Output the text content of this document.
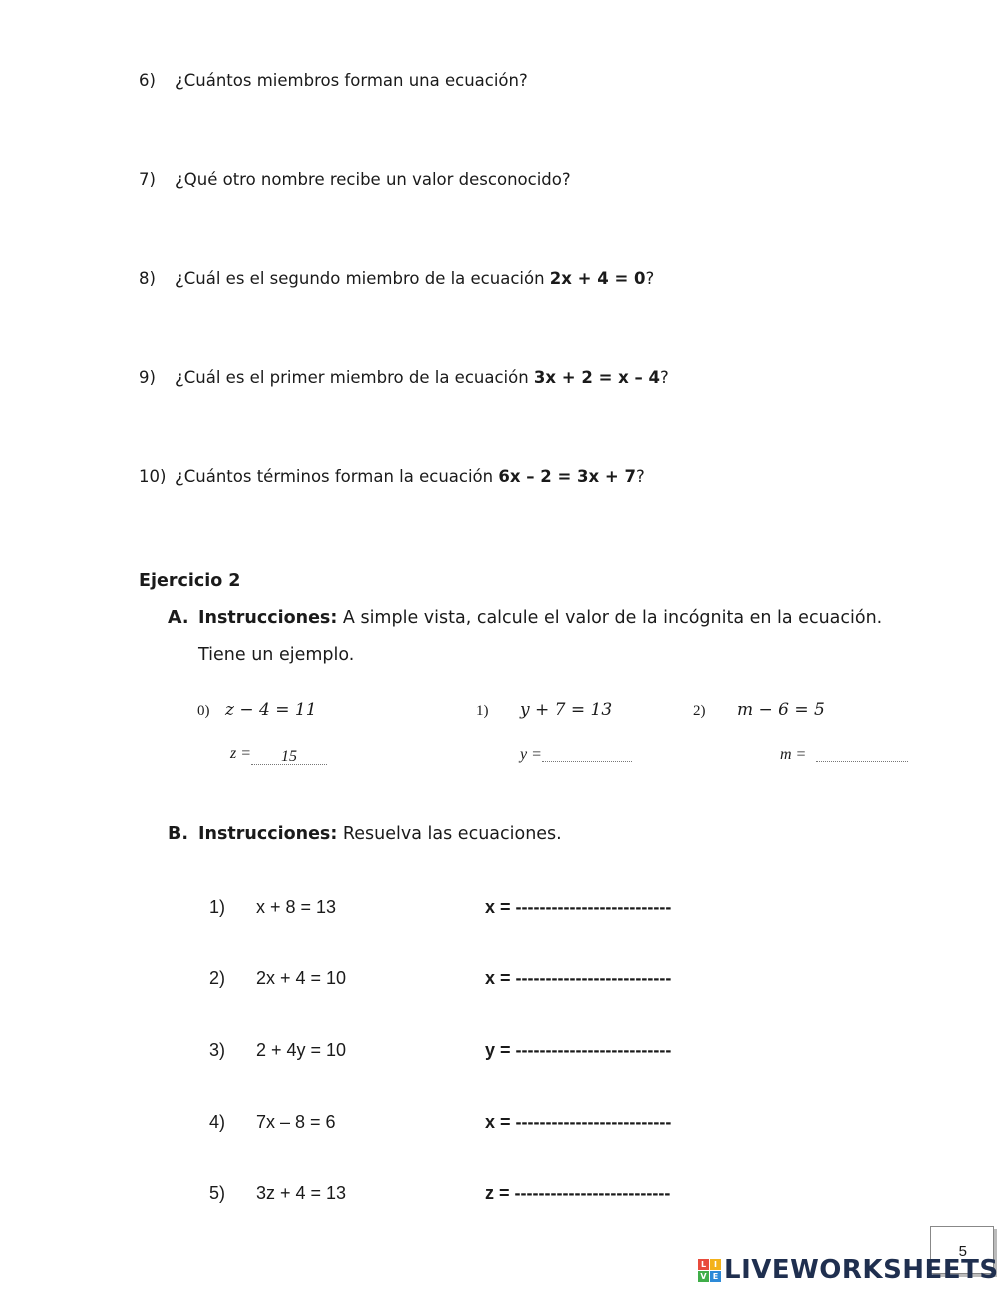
6) ¿Cuántos miembros forman una ecuación?
7) ¿Qué otro nombre recibe un valor desconocido?
8) ¿Cuál es el segundo miembro de la ecuación 2x + 4 = 0?
9) ¿Cuál es el primer miembro de la ecuación 3x + 2 = x – 4?
10) ¿Cuántos términos forman la ecuación 6x – 2 = 3x + 7?
Ejercicio 2
A. Instrucciones: A simple vista, calcule el valor de la incógnita en la ecuación.
Tiene un ejemplo.
0) z − 4 = 11	1) y + 7 = 13	2) m − 6 = 5
z = 15	y =	m =
B. Instrucciones: Resuelva las ecuaciones.
1) x + 8 = 13	x = --------------------------
2) 2x + 4 = 10	x = --------------------------
3) 2 + 4y = 10	y = --------------------------
4) 7x – 8 = 6	x = --------------------------
5) 3z + 4 = 13	z = --------------------------
5
L I
V E LIVEWORKSHEETS
